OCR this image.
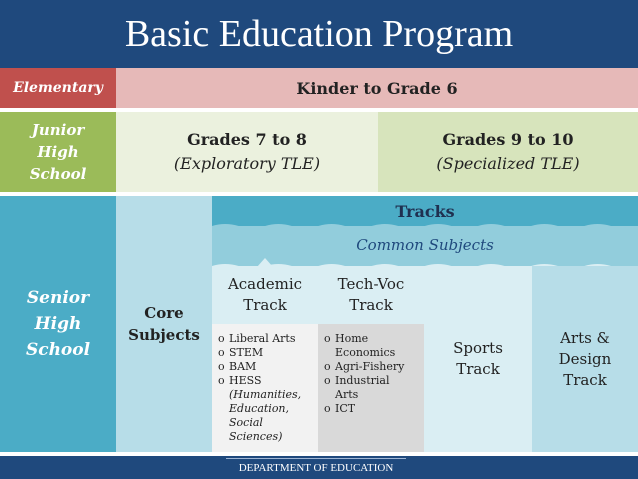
Basic Education Program
Elementary	Kinder to Grade 6
Junior
High
School
Grades 7 to 8
(Exploratory TLE)
Grades 9 to 10
(Specialized TLE)
Senior
High
School
Core
Subjects
Tracks
Common Subjects
Academic
Track
o Liberal Arts
o STEM
o BAM
o HESS
(Humanities,
Education,
Social
Sciences)
Tech-Voc
Track
o Home
Economics
o Agri-Fishery
o Industrial
Arts
o ICT
Sports
Track
Arts &
Design
Track
DEPARTMENT OF EDUCATION
